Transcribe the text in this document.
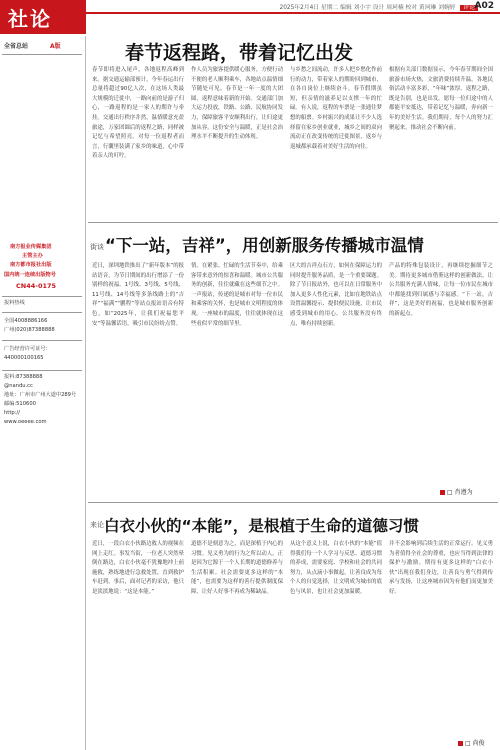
社论	2025年2月4日 星期二 编辑 刘小宇 设计 周珂楠 校对 黄珂琳 刘婉婷 评论 A02
全省总站	A版
南方报业传媒集团
主管主办
南方都市报社出版
国内统一连续出版物号
CN44-0175
报料热线
全国4008886166
广州(020)87388888
广告经营许可证号：
440000100165
报料:87388888
@nandu.cc
地址：广州市广州大道中289号
邮编:510600
http://
www.oeeee.com
春节返程路，带着记忆出发
春节即将进入尾声，各地返程高峰到来。据交通运输部预计，今年春运出行总量将超过90亿人次，在这场人类最大规模的迁徙中，一路向前的是游子归心，一路返程的是一家人的期许与牵挂。交通出行秩序井然，温情暖意充盈旅途，万家团圆后的返程之路，同样被记忆与希望照亮。对每一位返程者而言，行囊里装满了家乡的味道，心中带着亲人的叮咛。
作人员为旅客提供暖心服务，方便行动不便的老人顺利乘车，各地站点温情细节随处可见。春节是一年一度的大团圆，返程意味着新的开始。交通部门加大运力投放，铁路、公路、民航协同发力，保障旅客平安顺利出行，让归途更加从容。这份安全与温暖，正是社会治理水平不断提升的生动体现。
与乡愁之间流动，许多人把乡愁化作前行的动力，带着家人的期盼回到城市，在各自岗位上继续奋斗。春节假期虽短，但亲情的滋养足以支撑一年的忙碌。有人说，返程的车票是一张通往梦想的船票。乡村振兴的成果让不少人选择留在家乡创业就业，城乡之间的双向流动正在改变传统的迁徙图景，返乡与返城都承载着对美好生活的向往。
根据有关部门数据显示，今年春节期间全国旅游市场火热，文旅消费持续升温，各地民俗活动丰富多彩，“年味”浓厚。返程之路，既是告别，也是出发。愿每一位归途中的人都能平安抵达，带着记忆与温暖，奔向新一年的美好生活。我们期待，每个人的努力汇聚起来，推动社会不断向前。
街谈 “下一站，吉祥”，用创新服务传播城市温情
近日，深圳地铁推出了“新年版本”的报站语音，为节日期间的出行增添了一份别样的祝福。1号线、3号线、5号线、11号线、14号线等多条线路上的“吉祥”“福满”“鹏程”等站点报站语音有特色，如“2025年，让我们祝福您平安”等温馨话语，吸引市民纷纷点赞。
情，在紧张、忙碌的生活节奏中，给乘客带来意外的惊喜和温暖。城市公共服务的创新，往往就藏在这些细节之中。一声报站，传递的是城市对每一位市民和乘客的关怀，也是城市文明程度的体现。一座城市的温度，往往就体现在这些看似平常的细节里。
区大的吉祥点石方，如何在保障运力的同时提升服务品质，是一个重要课题。除了节日报站外，也可以在日常服务中加入更多人性化元素，比如在地铁站点设置温馨提示、提供便民设施，让市民感受到城市的用心。公共服务没有终点，唯有持续创新。
产品的特殊包装设计，再继续挖掘细节之美。期待更多城市借鉴这样的创新做法，让公共服务充满人情味，让每一位市民在城市中都能找到归属感与幸福感。“下一站，吉祥”，这是美好的祝福，也是城市服务创新的新起点。
□ 肖遵为
来论 白衣小伙的“本能”，是根植于生命的道德习惯
近日，一段白衣小伙路边救人的视频在网上走红。事发当街，一位老人突然晕倒在路边，白衣小伙毫不犹豫地冲上前施救，熟练地进行急救处置，直到救护车赶到。事后，面对记者的采访，他只是淡淡地说：“这是本能。”
道德不是刻意为之，而是深植于内心的习惯。见义勇为的行为之所以动人，正是因为它源于一个人长期的道德修养与生活积累。社会需要更多这样的“本能”，也需要为这样的善行提供制度保障，让好人好事不再成为稀缺品。
从这个意义上说，白衣小伙的“本能”值得我们每一个人学习与反思。道德习惯的养成，需要家庭、学校和社会的共同努力，从点滴小事做起，让善良成为每个人的自觉选择，让文明成为城市的底色与风景，也让社会更加温暖。
并不会影响到后续生活的正常运行。见义勇为者值得全社会的尊重，也应当得到法律的保护与激励。期待有更多这样的“白衣小伙”出现在我们身边，让善良与勇气得到传承与发扬，让这座城市因为有他们而更加美好。
□ 尚俊
